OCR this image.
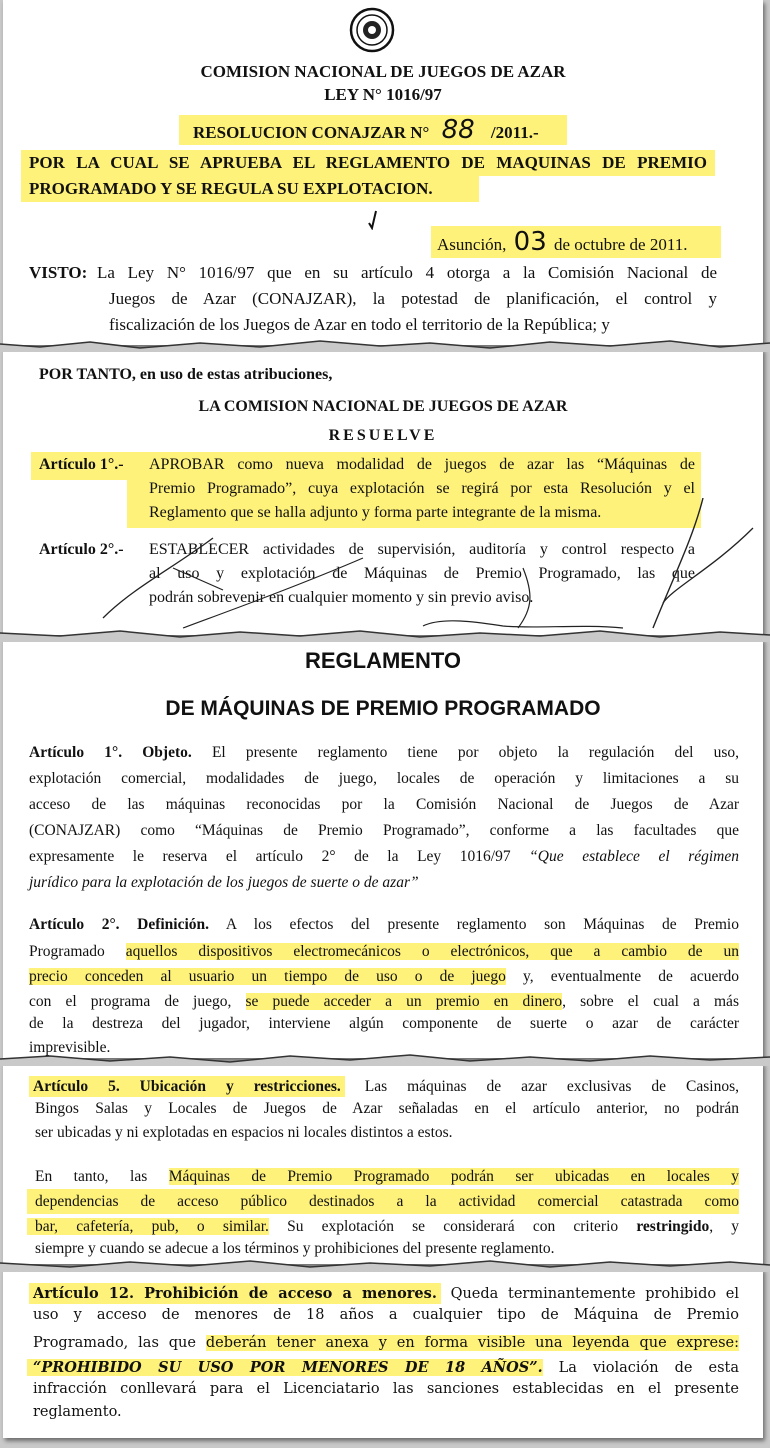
COMISION NACIONAL DE JUEGOS DE AZAR
LEY N° 1016/97
RESOLUCION CONAJZAR N° 88 /2011.-
POR LA CUAL SE APRUEBA EL REGLAMENTO DE MAQUINAS DE PREMIO
PROGRAMADO Y SE REGULA SU EXPLOTACION.
Asunción, 03 de octubre de 2011.
VISTO: La Ley N° 1016/97 que en su artículo 4 otorga a la Comisión Nacional de
Juegos de Azar (CONAJZAR), la potestad de planificación, el control y
fiscalización de los Juegos de Azar en todo el territorio de la República; y
POR TANTO, en uso de estas atribuciones,
LA COMISION NACIONAL DE JUEGOS DE AZAR
RESUELVE
Artículo 1°.- APROBAR como nueva modalidad de juegos de azar las “Máquinas de
Premio Programado”, cuya explotación se regirá por esta Resolución y el
Reglamento que se halla adjunto y forma parte integrante de la misma.
Artículo 2°.- ESTABLECER actividades de supervisión, auditoría y control respecto a
al uso y explotación de Máquinas de Premio Programado, las que
podrán sobrevenir en cualquier momento y sin previo aviso.
REGLAMENTO
DE MÁQUINAS DE PREMIO PROGRAMADO
Artículo 1°. Objeto. El presente reglamento tiene por objeto la regulación del uso,
explotación comercial, modalidades de juego, locales de operación y limitaciones a su
acceso de las máquinas reconocidas por la Comisión Nacional de Juegos de Azar
(CONAJZAR) como “Máquinas de Premio Programado”, conforme a las facultades que
expresamente le reserva el artículo 2° de la Ley 1016/97 “Que establece el régimen
jurídico para la explotación de los juegos de suerte o de azar”
Artículo 2°. Definición. A los efectos del presente reglamento son Máquinas de Premio
Programado aquellos dispositivos electromecánicos o electrónicos, que a cambio de un
precio conceden al usuario un tiempo de uso o de juego y, eventualmente de acuerdo
con el programa de juego, se puede acceder a un premio en dinero, sobre el cual a más
de la destreza del jugador, interviene algún componente de suerte o azar de carácter
imprevisible.
Artículo 5. Ubicación y restricciones. Las máquinas de azar exclusivas de Casinos,
Bingos Salas y Locales de Juegos de Azar señaladas en el artículo anterior, no podrán
ser ubicadas y ni explotadas en espacios ni locales distintos a estos.
En tanto, las Máquinas de Premio Programado podrán ser ubicadas en locales y
dependencias de acceso público destinados a la actividad comercial catastrada como
bar, cafetería, pub, o similar. Su explotación se considerará con criterio restringido, y
siempre y cuando se adecue a los términos y prohibiciones del presente reglamento.
Artículo 12. Prohibición de acceso a menores. Queda terminantemente prohibido el
uso y acceso de menores de 18 años a cualquier tipo de Máquina de Premio
Programado, las que deberán tener anexa y en forma visible una leyenda que exprese:
“PROHIBIDO SU USO POR MENORES DE 18 AÑOS”. La violación de esta
infracción conllevará para el Licenciatario las sanciones establecidas en el presente
reglamento.
